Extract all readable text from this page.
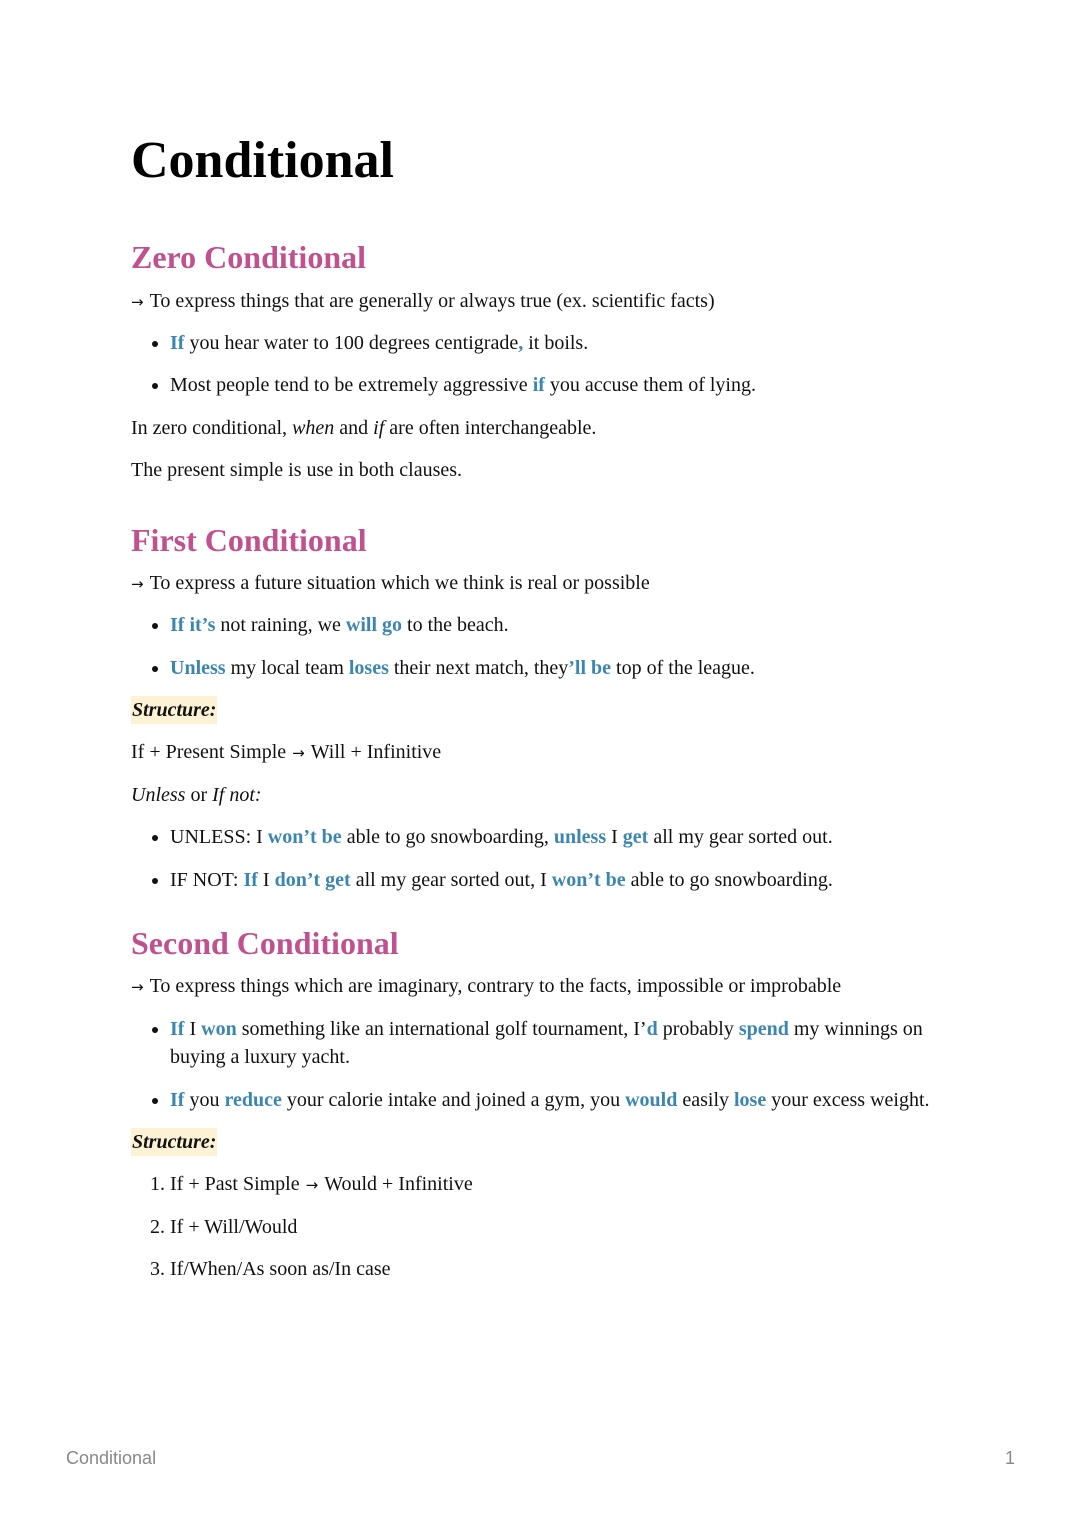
Conditional
Zero Conditional

→ To express things that are generally or always true (ex. scientific facts)

• If you hear water to 100 degrees centigrade, it boils.
• Most people tend to be extremely aggressive if you accuse them of lying.

In zero conditional, when and if are often interchangeable.

The present simple is use in both clauses.

First Conditional

→ To express a future situation which we think is real or possible

• If it’s not raining, we will go to the beach.
• Unless my local team loses their next match, they’ll be top of the league.

Structure:

If + Present Simple → Will + Infinitive

Unless or If not:

• UNLESS: I won’t be able to go snowboarding, unless I get all my gear sorted out.
• IF NOT: If I don’t get all my gear sorted out, I won’t be able to go snowboarding.
Second Conditional

→ To express things which are imaginary, contrary to the facts, impossible or improbable

• If I won something like an international golf tournament, I’d probably spend my winnings on buying a luxury yacht.
• If you reduce your calorie intake and joined a gym, you would easily lose your excess weight.

Structure:

1. If + Past Simple → Would + Infinitive
2. If + Will/Would
3. If/When/As soon as/In case
Conditional	1
